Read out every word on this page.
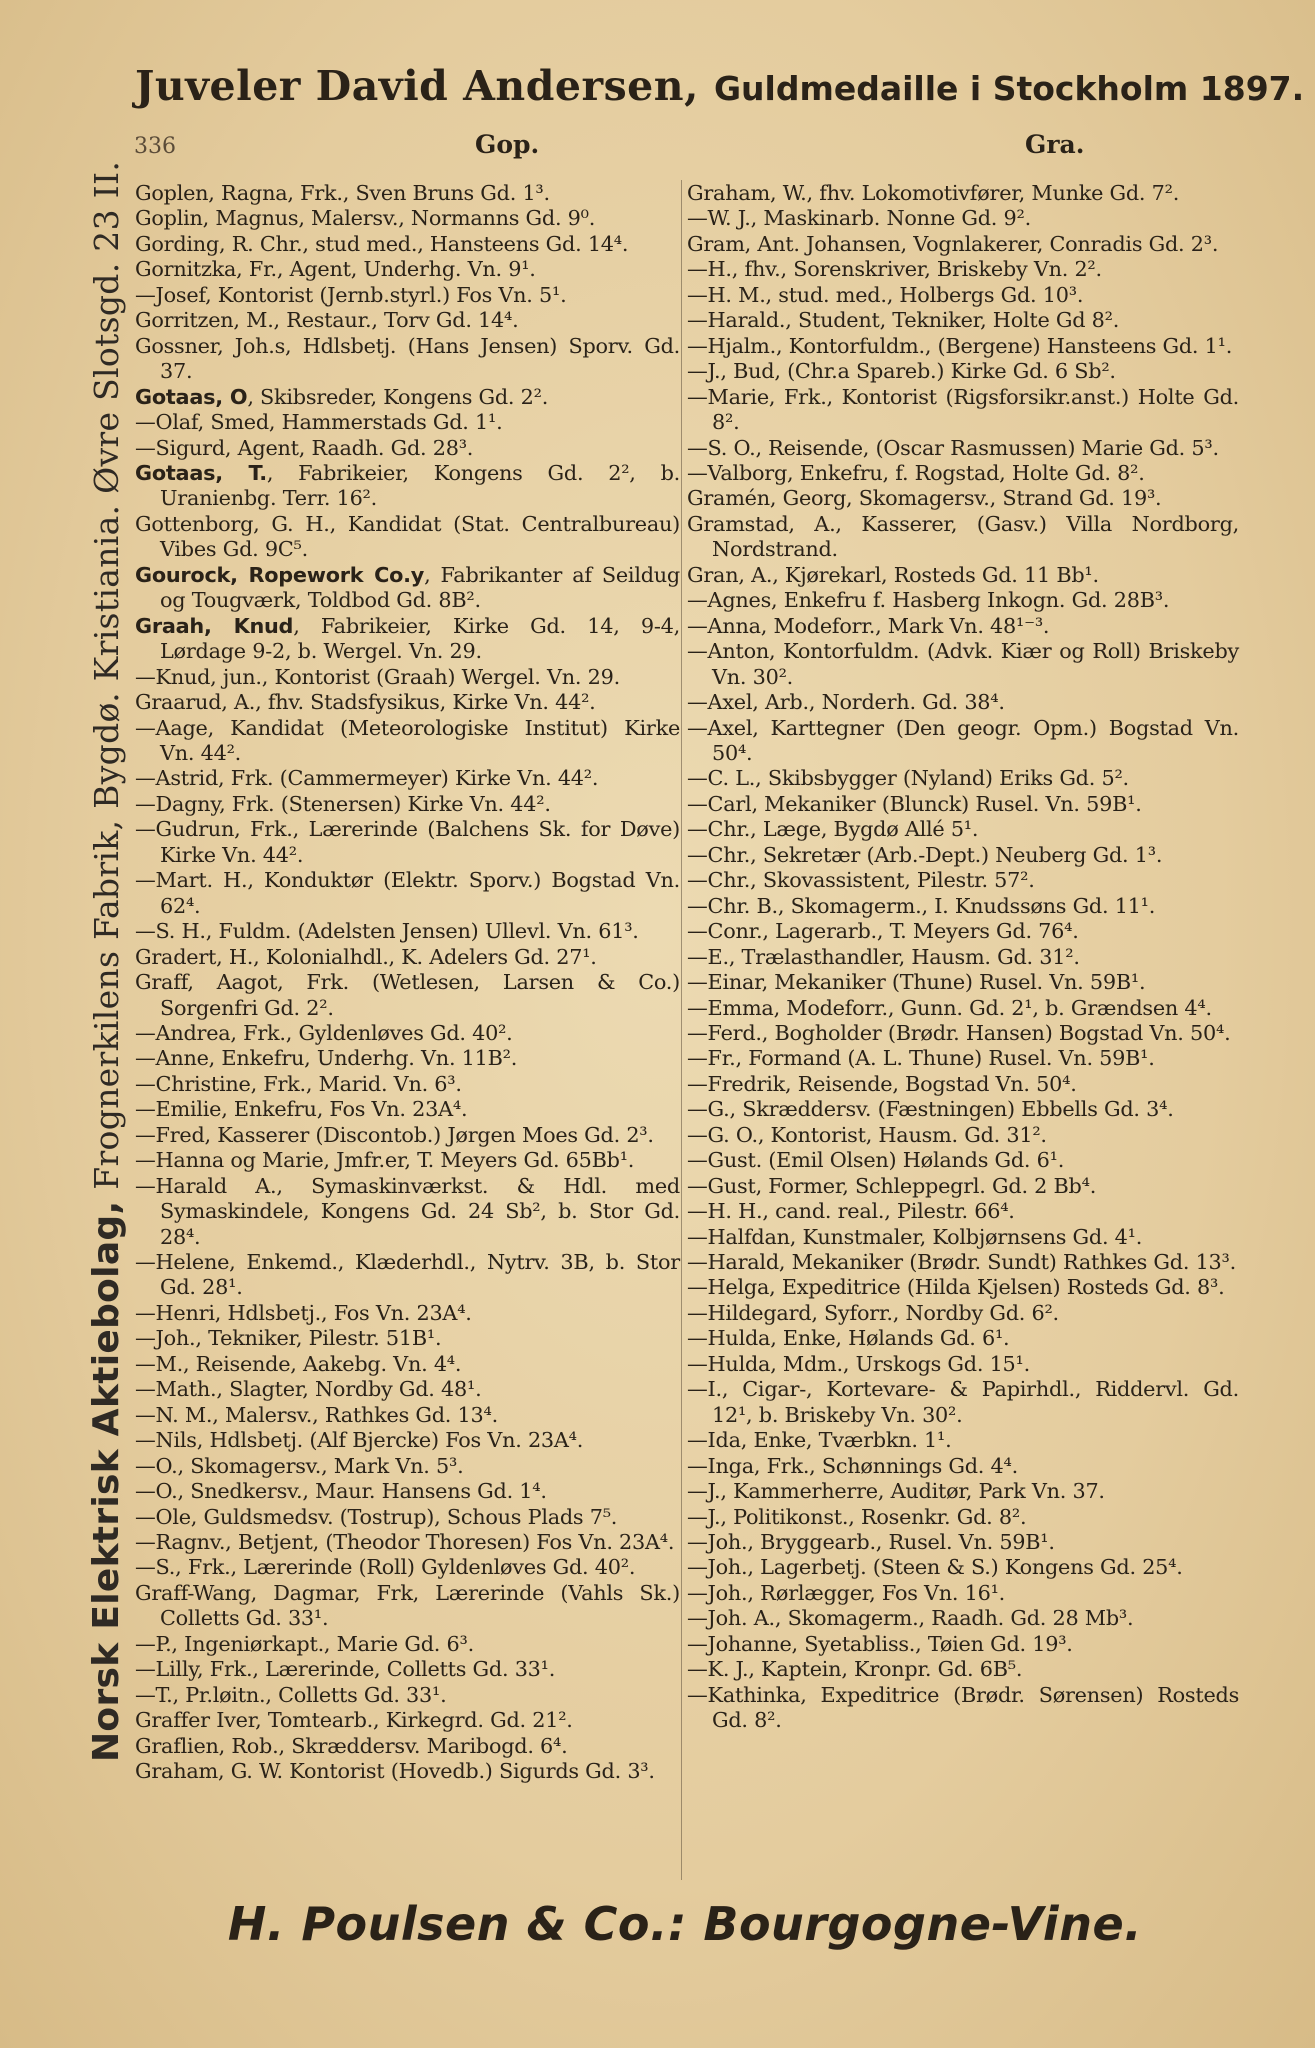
Juveler David Andersen, Guldmedaille i Stockholm 1897.
336	Gop.	Gra.
Norsk Elektrisk Aktiebolag, Frognerkilens Fabrik, Bygdø. Kristiania. Øvre Slotsgd. 23 II. Goplen, Ragna, Frk., Sven Bruns Gd. 1³.
Goplin, Magnus, Malersv., Normanns Gd. 9⁰.
Gording, R. Chr., stud med., Hansteens Gd. 14⁴.
Gornitzka, Fr., Agent, Underhg. Vn. 9¹.
—Josef, Kontorist (Jernb.styrl.) Fos Vn. 5¹.
Gorritzen, M., Restaur., Torv Gd. 14⁴.
Gossner, Joh.s, Hdlsbetj. (Hans Jensen) Sporv. Gd. 37.
Gotaas, O, Skibsreder, Kongens Gd. 2².
—Olaf, Smed, Hammerstads Gd. 1¹.
—Sigurd, Agent, Raadh. Gd. 28³.
Gotaas, T., Fabrikeier, Kongens Gd. 2², b. Uranienbg. Terr. 16².
Gottenborg, G. H., Kandidat (Stat. Centralbureau) Vibes Gd. 9C⁵.
Gourock, Ropework Co.y, Fabrikanter af Seildug og Tougværk, Toldbod Gd. 8B².
Graah, Knud, Fabrikeier, Kirke Gd. 14, 9-4, Lørdage 9-2, b. Wergel. Vn. 29.
—Knud, jun., Kontorist (Graah) Wergel. Vn. 29.
Graarud, A., fhv. Stadsfysikus, Kirke Vn. 44².
—Aage, Kandidat (Meteorologiske Institut) Kirke Vn. 44².
—Astrid, Frk. (Cammermeyer) Kirke Vn. 44².
—Dagny, Frk. (Stenersen) Kirke Vn. 44².
—Gudrun, Frk., Lærerinde (Balchens Sk. for Døve) Kirke Vn. 44².
—Mart. H., Konduktør (Elektr. Sporv.) Bogstad Vn. 62⁴.
—S. H., Fuldm. (Adelsten Jensen) Ullevl. Vn. 61³.
Gradert, H., Kolonialhdl., K. Adelers Gd. 27¹.
Graff, Aagot, Frk. (Wetlesen, Larsen & Co.) Sorgenfri Gd. 2².
—Andrea, Frk., Gyldenløves Gd. 40².
—Anne, Enkefru, Underhg. Vn. 11B².
—Christine, Frk., Marid. Vn. 6³.
—Emilie, Enkefru, Fos Vn. 23A⁴.
—Fred, Kasserer (Discontob.) Jørgen Moes Gd. 2³.
—Hanna og Marie, Jmfr.er, T. Meyers Gd. 65Bb¹.
—Harald A., Symaskinværkst. & Hdl. med Symaskindele, Kongens Gd. 24 Sb², b. Stor Gd. 28⁴.
—Helene, Enkemd., Klæderhdl., Nytrv. 3B, b. Stor Gd. 28¹.
—Henri, Hdlsbetj., Fos Vn. 23A⁴.
—Joh., Tekniker, Pilestr. 51B¹.
—M., Reisende, Aakebg. Vn. 4⁴.
—Math., Slagter, Nordby Gd. 48¹.
—N. M., Malersv., Rathkes Gd. 13⁴.
—Nils, Hdlsbetj. (Alf Bjercke) Fos Vn. 23A⁴.
—O., Skomagersv., Mark Vn. 5³.
—O., Snedkersv., Maur. Hansens Gd. 1⁴.
—Ole, Guldsmedsv. (Tostrup), Schous Plads 7⁵.
—Ragnv., Betjent, (Theodor Thoresen) Fos Vn. 23A⁴.
—S., Frk., Lærerinde (Roll) Gyldenløves Gd. 40².
Graff-Wang, Dagmar, Frk, Lærerinde (Vahls Sk.) Colletts Gd. 33¹.
—P., Ingeniørkapt., Marie Gd. 6³.
—Lilly, Frk., Lærerinde, Colletts Gd. 33¹.
—T., Pr.løitn., Colletts Gd. 33¹.
Graffer Iver, Tomtearb., Kirkegrd. Gd. 21².
Graflien, Rob., Skræddersv. Maribogd. 6⁴.
Graham, G. W. Kontorist (Hovedb.) Sigurds Gd. 3³.
Graham, W., fhv. Lokomotivfører, Munke Gd. 7².
—W. J., Maskinarb. Nonne Gd. 9².
Gram, Ant. Johansen, Vognlakerer, Conradis Gd. 2³.
—H., fhv., Sorenskriver, Briskeby Vn. 2².
—H. M., stud. med., Holbergs Gd. 10³.
—Harald., Student, Tekniker, Holte Gd 8².
—Hjalm., Kontorfuldm., (Bergene) Hansteens Gd. 1¹.
—J., Bud, (Chr.a Spareb.) Kirke Gd. 6 Sb².
—Marie, Frk., Kontorist (Rigsforsikr.anst.) Holte Gd. 8².
—S. O., Reisende, (Oscar Rasmussen) Marie Gd. 5³.
—Valborg, Enkefru, f. Rogstad, Holte Gd. 8².
Gramén, Georg, Skomagersv., Strand Gd. 19³.
Gramstad, A., Kasserer, (Gasv.) Villa Nordborg, Nordstrand.
Gran, A., Kjørekarl, Rosteds Gd. 11 Bb¹.
—Agnes, Enkefru f. Hasberg Inkogn. Gd. 28B³.
—Anna, Modeforr., Mark Vn. 48¹⁻³.
—Anton, Kontorfuldm. (Advk. Kiær og Roll) Briskeby Vn. 30².
—Axel, Arb., Norderh. Gd. 38⁴.
—Axel, Karttegner (Den geogr. Opm.) Bogstad Vn. 50⁴.
—C. L., Skibsbygger (Nyland) Eriks Gd. 5².
—Carl, Mekaniker (Blunck) Rusel. Vn. 59B¹.
—Chr., Læge, Bygdø Allé 5¹.
—Chr., Sekretær (Arb.-Dept.) Neuberg Gd. 1³.
—Chr., Skovassistent, Pilestr. 57².
—Chr. B., Skomagerm., I. Knudssøns Gd. 11¹.
—Conr., Lagerarb., T. Meyers Gd. 76⁴.
—E., Trælasthandler, Hausm. Gd. 31².
—Einar, Mekaniker (Thune) Rusel. Vn. 59B¹.
—Emma, Modeforr., Gunn. Gd. 2¹, b. Grændsen 4⁴.
—Ferd., Bogholder (Brødr. Hansen) Bogstad Vn. 50⁴.
—Fr., Formand (A. L. Thune) Rusel. Vn. 59B¹.
—Fredrik, Reisende, Bogstad Vn. 50⁴.
—G., Skræddersv. (Fæstningen) Ebbells Gd. 3⁴.
—G. O., Kontorist, Hausm. Gd. 31².
—Gust. (Emil Olsen) Hølands Gd. 6¹.
—Gust, Former, Schleppegrl. Gd. 2 Bb⁴.
—H. H., cand. real., Pilestr. 66⁴.
—Halfdan, Kunstmaler, Kolbjørnsens Gd. 4¹.
—Harald, Mekaniker (Brødr. Sundt) Rathkes Gd. 13³.
—Helga, Expeditrice (Hilda Kjelsen) Rosteds Gd. 8³.
—Hildegard, Syforr., Nordby Gd. 6².
—Hulda, Enke, Hølands Gd. 6¹.
—Hulda, Mdm., Urskogs Gd. 15¹.
—I., Cigar-, Kortevare- & Papirhdl., Riddervl. Gd. 12¹, b. Briskeby Vn. 30².
—Ida, Enke, Tværbkn. 1¹.
—Inga, Frk., Schønnings Gd. 4⁴.
—J., Kammerherre, Auditør, Park Vn. 37.
—J., Politikonst., Rosenkr. Gd. 8².
—Joh., Bryggearb., Rusel. Vn. 59B¹.
—Joh., Lagerbetj. (Steen & S.) Kongens Gd. 25⁴.
—Joh., Rørlægger, Fos Vn. 16¹.
—Joh. A., Skomagerm., Raadh. Gd. 28 Mb³.
—Johanne, Syetabliss., Tøien Gd. 19³.
—K. J., Kaptein, Kronpr. Gd. 6B⁵.
—Kathinka, Expeditrice (Brødr. Sørensen) Rosteds Gd. 8².
H. Poulsen & Co.: Bourgogne-Vine.
